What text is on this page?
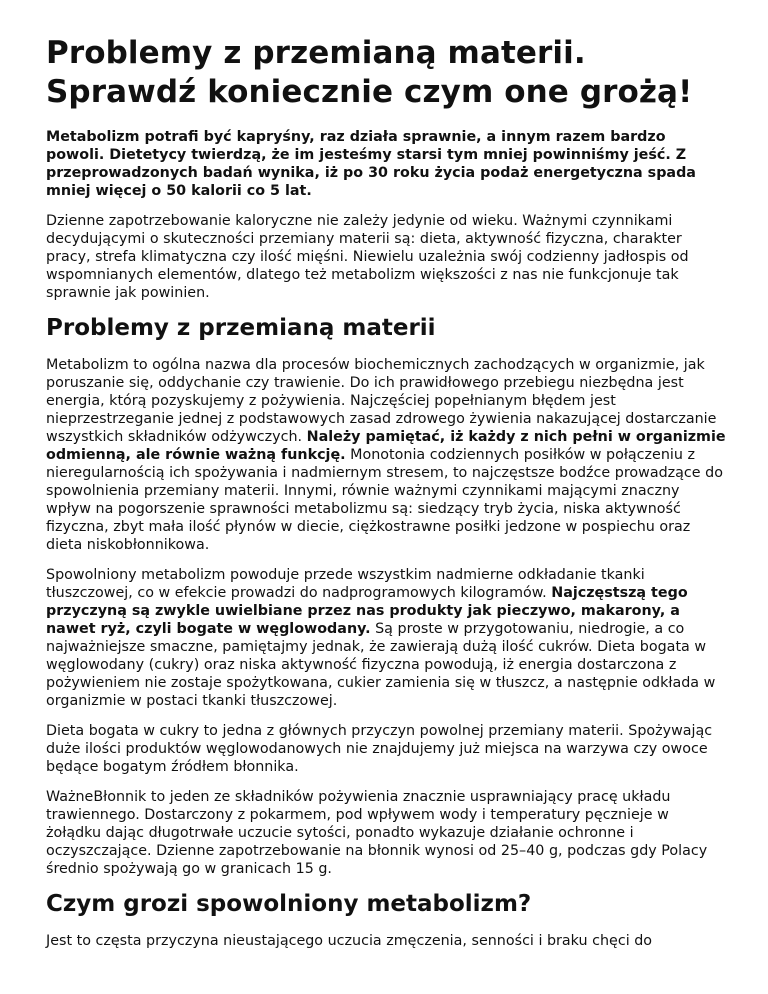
Problemy z przemianą materii.
Sprawdź koniecznie czym one grożą!

Metabolizm potrafi być kapryśny, raz działa sprawnie, a innym razem bardzo powoli. Dietetycy twierdzą, że im jesteśmy starsi tym mniej powinniśmy jeść. Z przeprowadzonych badań wynika, iż po 30 roku życia podaż energetyczna spada mniej więcej o 50 kalorii co 5 lat.

Dzienne zapotrzebowanie kaloryczne nie zależy jedynie od wieku. Ważnymi czynnikami decydującymi o skuteczności przemiany materii są: dieta, aktywność fizyczna, charakter pracy, strefa klimatyczna czy ilość mięśni. Niewielu uzależnia swój codzienny jadłospis od wspomnianych elementów, dlatego też metabolizm większości z nas nie funkcjonuje tak sprawnie jak powinien.

Problemy z przemianą materii

Metabolizm to ogólna nazwa dla procesów biochemicznych zachodzących w organizmie, jak poruszanie się, oddychanie czy trawienie. Do ich prawidłowego przebiegu niezbędna jest energia, którą pozyskujemy z pożywienia. Najczęściej popełnianym błędem jest nieprzestrzeganie jednej z podstawowych zasad zdrowego żywienia nakazującej dostarczanie wszystkich składników odżywczych. Należy pamiętać, iż każdy z nich pełni w organizmie odmienną, ale równie ważną funkcję. Monotonia codziennych posiłków w połączeniu z nieregularnością ich spożywania i nadmiernym stresem, to najczęstsze bodźce prowadzące do spowolnienia przemiany materii. Innymi, równie ważnymi czynnikami mającymi znaczny wpływ na pogorszenie sprawności metabolizmu są: siedzący tryb życia, niska aktywność fizyczna, zbyt mała ilość płynów w diecie, ciężkostrawne posiłki jedzone w pospiechu oraz dieta niskobłonnikowa.

Spowolniony metabolizm powoduje przede wszystkim nadmierne odkładanie tkanki tłuszczowej, co w efekcie prowadzi do nadprogramowych kilogramów. Najczęstszą tego przyczyną są zwykle uwielbiane przez nas produkty jak pieczywo, makarony, a nawet ryż, czyli bogate w węglowodany. Są proste w przygotowaniu, niedrogie, a co najważniejsze smaczne, pamiętajmy jednak, że zawierają dużą ilość cukrów. Dieta bogata w węglowodany (cukry) oraz niska aktywność fizyczna powodują, iż energia dostarczona z pożywieniem nie zostaje spożytkowana, cukier zamienia się w tłuszcz, a następnie odkłada w organizmie w postaci tkanki tłuszczowej.

Dieta bogata w cukry to jedna z głównych przyczyn powolnej przemiany materii. Spożywając duże ilości produktów węglowodanowych nie znajdujemy już miejsca na warzywa czy owoce będące bogatym źródłem błonnika.

WażneBłonnik to jeden ze składników pożywienia znacznie usprawniający pracę układu trawiennego. Dostarczony z pokarmem, pod wpływem wody i temperatury pęcznieje w żołądku dając długotrwałe uczucie sytości, ponadto wykazuje działanie ochronne i oczyszczające. Dzienne zapotrzebowanie na błonnik wynosi od 25–40 g, podczas gdy Polacy średnio spożywają go w granicach 15 g.

Czym grozi spowolniony metabolizm?

Jest to częsta przyczyna nieustającego uczucia zmęczenia, senności i braku chęci do
